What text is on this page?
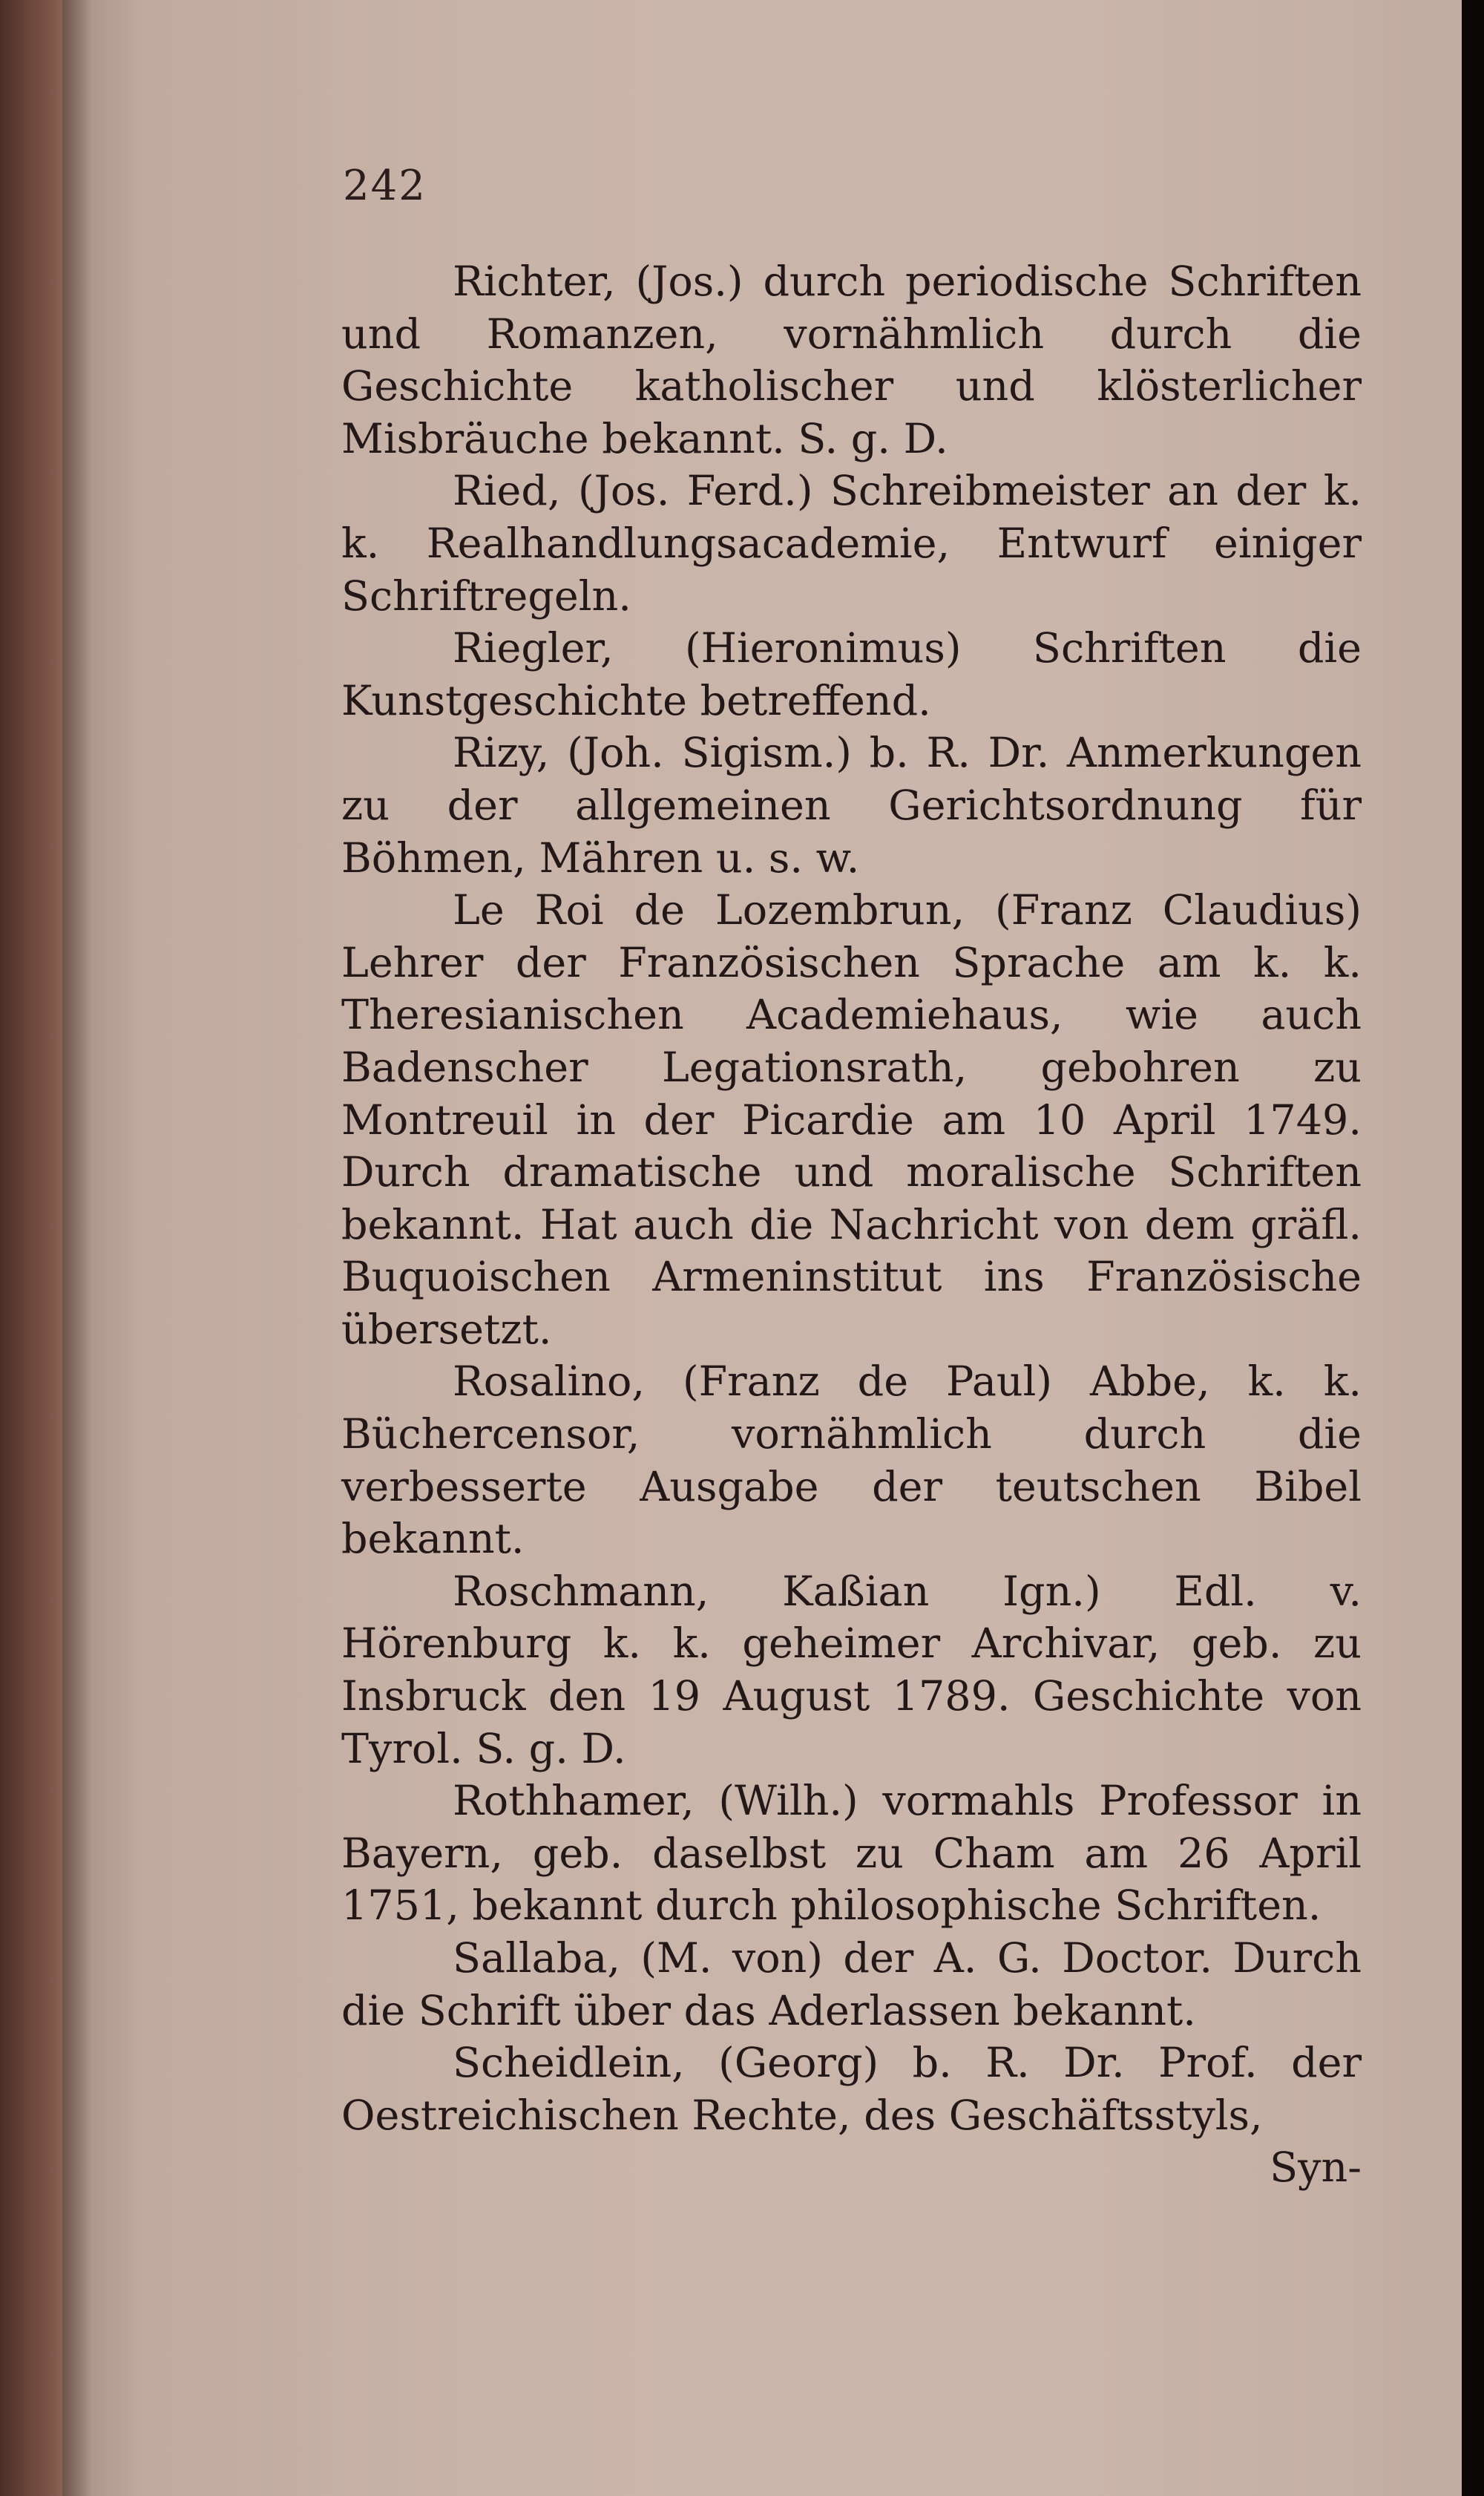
242

Richter, (Jos.) durch periodische Schriften und Romanzen, vornähmlich durch die Geschichte katholischer und klösterlicher Misbräuche bekannt. S. g. D.

Ried, (Jos. Ferd.) Schreibmeister an der k. k. Realhandlungsacademie, Entwurf einiger Schriftregeln.

Riegler, (Hieronimus) Schriften die Kunstgeschichte betreffend.

Rizy, (Joh. Sigism.) b. R. Dr. Anmerkungen zu der allgemeinen Gerichtsordnung für Böhmen, Mähren u. s. w.

Le Roi de Lozembrun, (Franz Claudius) Lehrer der Französischen Sprache am k. k. Theresianischen Academiehaus, wie auch Badenscher Legationsrath, gebohren zu Montreuil in der Picardie am 10 April 1749. Durch dramatische und moralische Schriften bekannt. Hat auch die Nachricht von dem gräfl. Buquoischen Armeninstitut ins Französische übersetzt.

Rosalino, (Franz de Paul) Abbe, k. k. Büchercensor, vornähmlich durch die verbesserte Ausgabe der teutschen Bibel bekannt.

Roschmann, Kaßian Ign.) Edl. v. Hörenburg k. k. geheimer Archivar, geb. zu Insbruck den 19 August 1789. Geschichte von Tyrol. S. g. D.

Rothhamer, (Wilh.) vormahls Professor in Bayern, geb. daselbst zu Cham am 26 April 1751, bekannt durch philosophische Schriften.

Sallaba, (M. von) der A. G. Doctor. Durch die Schrift über das Aderlassen bekannt.

Scheidlein, (Georg) b. R. Dr. Prof. der Oestreichischen Rechte, des Geschäftsstyls,

Syn-
